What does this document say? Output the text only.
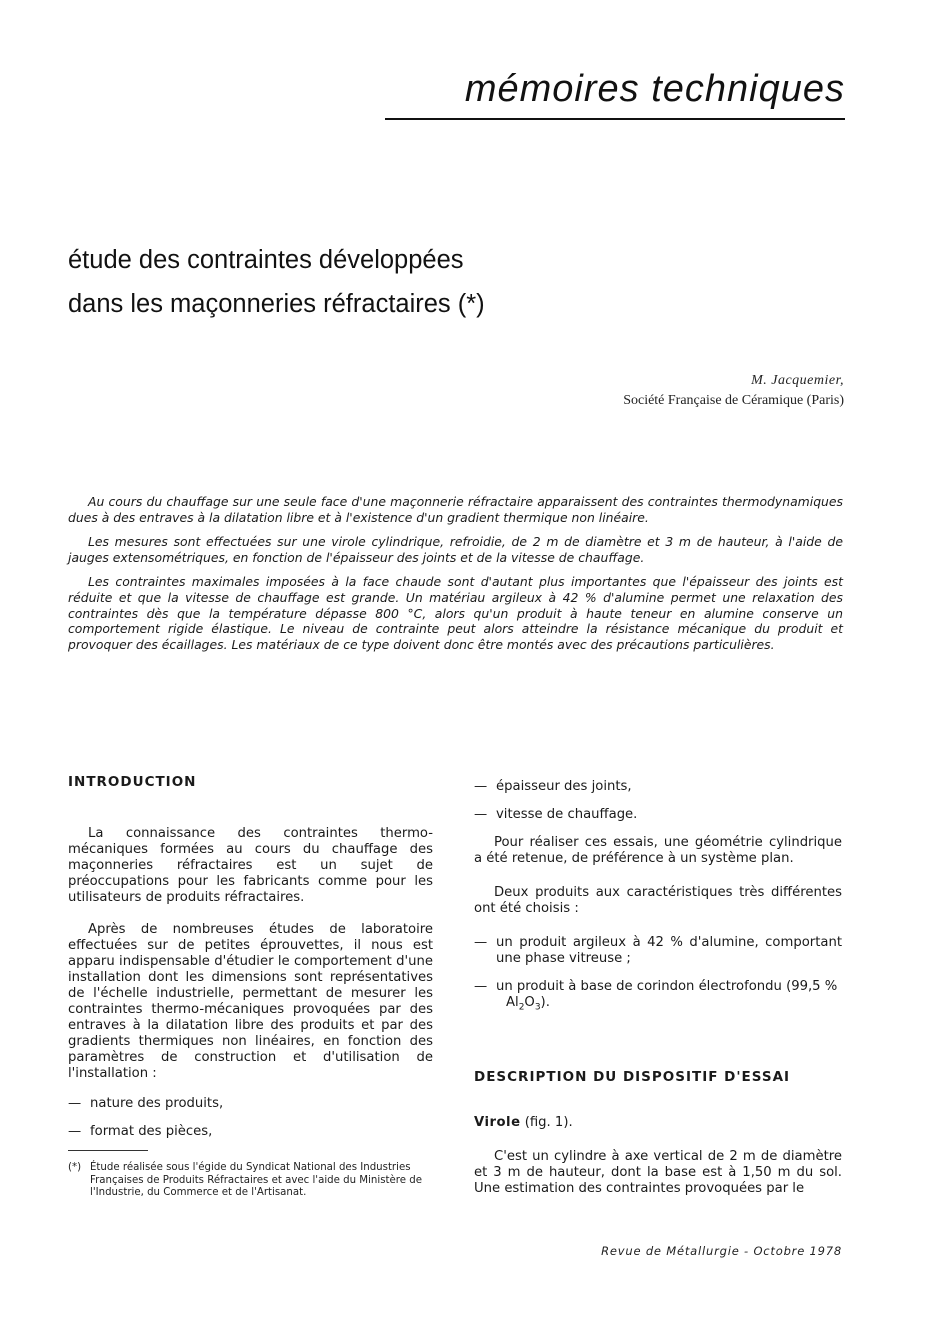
mémoires techniques
étude des contraintes développées
dans les maçonneries réfractaires (*)
M. Jacquemier,
Société Française de Céramique (Paris)

Au cours du chauffage sur une seule face d'une maçonnerie réfractaire apparaissent des contraintes thermodynamiques dues à des entraves à la dilatation libre et à l'existence d'un gradient thermique non linéaire.

Les mesures sont effectuées sur une virole cylindrique, refroidie, de 2 m de diamètre et 3 m de hauteur, à l'aide de jauges extensométriques, en fonction de l'épaisseur des joints et de la vitesse de chauffage.

Les contraintes maximales imposées à la face chaude sont d'autant plus importantes que l'épaisseur des joints est réduite et que la vitesse de chauffage est grande. Un matériau argileux à 42 % d'alumine permet une relaxation des contraintes dès que la température dépasse 800 °C, alors qu'un produit à haute teneur en alumine conserve un comportement rigide élastique. Le niveau de contrainte peut alors atteindre la résistance mécanique du produit et provoquer des écaillages. Les matériaux de ce type doivent donc être montés avec des précautions particulières.

INTRODUCTION

La connaissance des contraintes thermo-mécaniques formées au cours du chauffage des maçonneries réfractaires est un sujet de préoccupations pour les fabricants comme pour les utilisateurs de produits réfractaires.

Après de nombreuses études de laboratoire effectuées sur de petites éprouvettes, il nous est apparu indispensable d'étudier le comportement d'une installation dont les dimensions sont représentatives de l'échelle industrielle, permettant de mesurer les contraintes thermo-mécaniques provoquées par des entraves à la dilatation libre des produits et par des gradients thermiques non linéaires, en fonction des paramètres de construction et d'utilisation de l'installation :

— nature des produits,
— format des pièces,
— épaisseur des joints,
— vitesse de chauffage.

Pour réaliser ces essais, une géométrie cylindrique a été retenue, de préférence à un système plan.

Deux produits aux caractéristiques très différentes ont été choisis :

— un produit argileux à 42 % d'alumine, comportant une phase vitreuse ;
— un produit à base de corindon électrofondu (99,5 %
$Al_2O_3$).

DESCRIPTION DU DISPOSITIF D'ESSAI

Virole (fig. 1).

C'est un cylindre à axe vertical de 2 m de diamètre et 3 m de hauteur, dont la base est à 1,50 m du sol. Une estimation des contraintes provoquées par le

(*) Étude réalisée sous l'égide du Syndicat National des Industries Françaises de Produits Réfractaires et avec l'aide du Ministère de l'Industrie, du Commerce et de l'Artisanat.
Revue de Métallurgie - Octobre 1978
